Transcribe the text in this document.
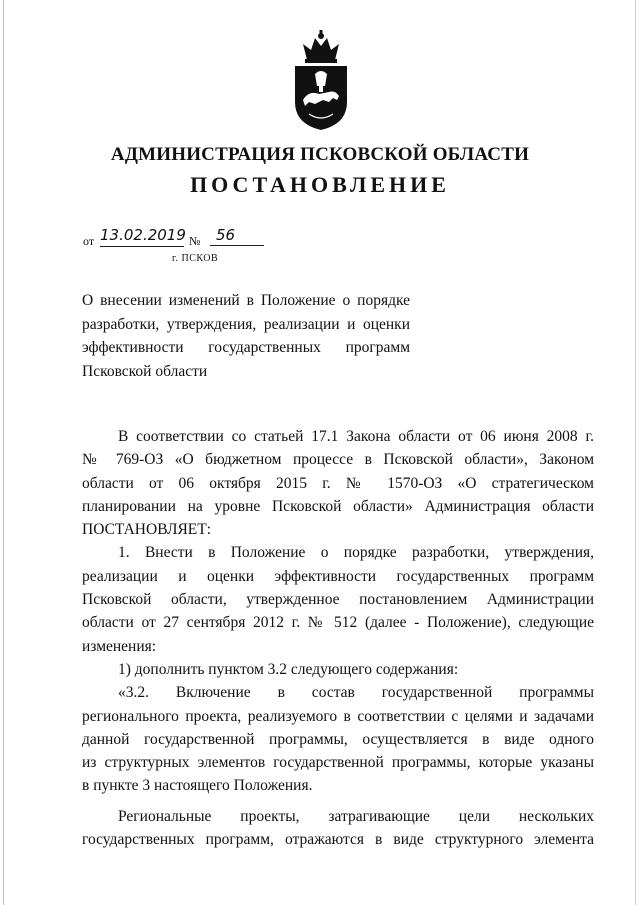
АДМИНИСТРАЦИЯ ПСКОВСКОЙ ОБЛАСТИ
ПОСТАНОВЛЕНИЕ
от 13.02.2019 №	56
г. ПСКОВ
О внесении изменений в Положение о порядке
разработки, утверждения, реализации и оценки
эффективности государственных программ
Псковской области
В соответствии со статьей 17.1 Закона области от 06 июня 2008 г.
№ 769-ОЗ «О бюджетном процессе в Псковской области», Законом
области от 06 октября 2015 г. № 1570-ОЗ «О стратегическом
планировании на уровне Псковской области» Администрация области
ПОСТАНОВЛЯЕТ:
1. Внести в Положение о порядке разработки, утверждения,
реализации и оценки эффективности государственных программ
Псковской области, утвержденное постановлением Администрации
области от 27 сентября 2012 г. № 512 (далее - Положение), следующие
изменения:
1) дополнить пунктом 3.2 следующего содержания:
«3.2. Включение в состав государственной программы
регионального проекта, реализуемого в соответствии с целями и задачами
данной государственной программы, осуществляется в виде одного
из структурных элементов государственной программы, которые указаны
в пункте 3 настоящего Положения.
Региональные проекты, затрагивающие цели нескольких
государственных программ, отражаются в виде структурного элемента
